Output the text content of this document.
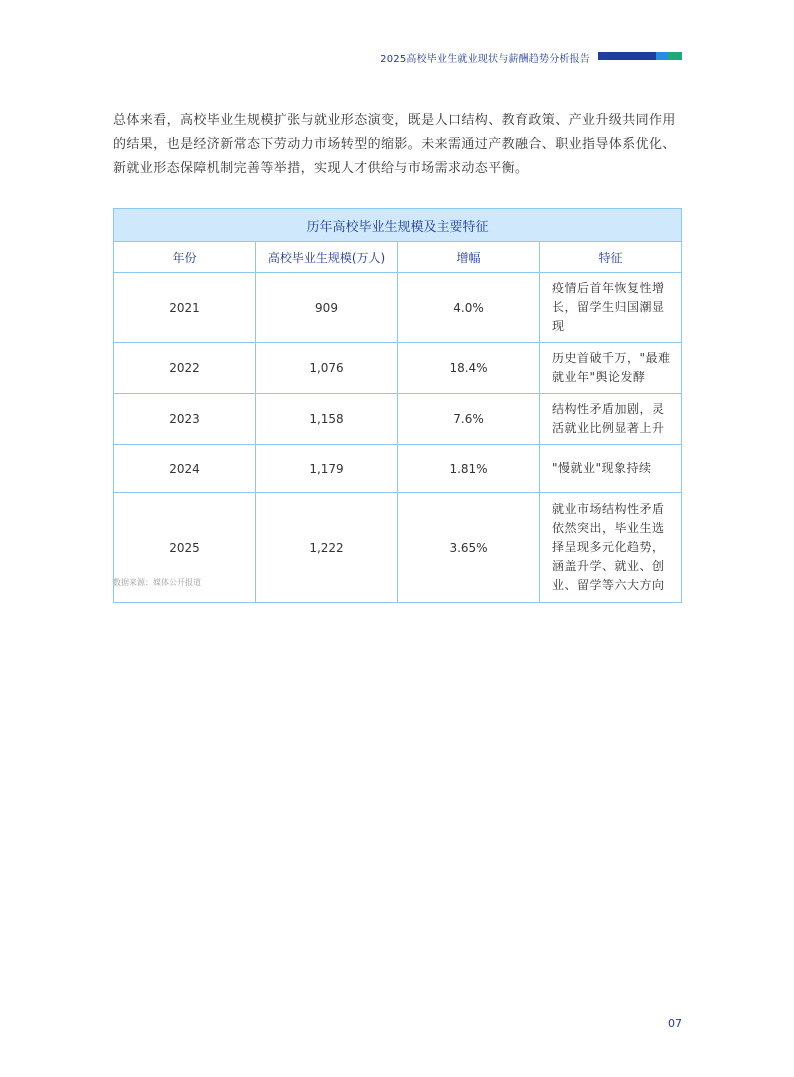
2025高校毕业生就业现状与薪酬趋势分析报告

总体来看，高校毕业生规模扩张与就业形态演变，既是人口结构、教育政策、产业升级共同作用的结果，也是经济新常态下劳动力市场转型的缩影。未来需通过产教融合、职业指导体系优化、新就业形态保障机制完善等举措，实现人才供给与市场需求动态平衡。

历年高校毕业生规模及主要特征			
年份	高校毕业生规模(万人)	增幅	特征
2021	909	4.0%	疫情后首年恢复性增长，留学生归国潮显现
2022	1,076	18.4%	历史首破千万，"最难就业年"舆论发酵
2023	1,158	7.6%	结构性矛盾加剧，灵活就业比例显著上升
2024	1,179	1.81%	"慢就业"现象持续
2025	1,222	3.65%	就业市场结构性矛盾依然突出，毕业生选择呈现多元化趋势，涵盖升学、就业、创业、留学等六大方向
数据来源：媒体公开报道
07
